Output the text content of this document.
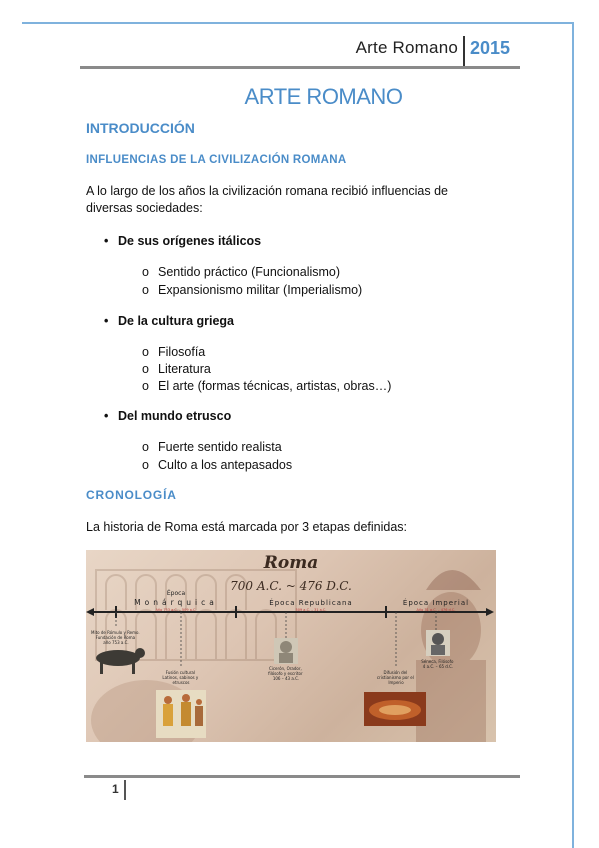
Arte Romano 2015
ARTE ROMANO
INTRODUCCIÓN
INFLUENCIAS DE LA CIVILIZACIÓN ROMANA
A lo largo de los años la civilización romana recibió influencias de diversas sociedades:
• De sus orígenes itálicos
o Sentido práctico (Funcionalismo)
o Expansionismo militar (Imperialismo)
• De la cultura griega
o Filosofía
o Literatura
o El arte (formas técnicas, artistas, obras…)
• Del mundo etrusco
o Fuerte sentido realista
o Culto a los antepasados
CRONOLOGÍA
La historia de Roma está marcada por 3 etapas definidas:
Roma
700 A.C. ~ 476 D.C.
Época
Monárquica
Año 753 a.C. – 509 a.C.
Época Republicana
509 a.C. – 31 a.C.
Época Imperial
Año 31 a.C. – 476 d.C.
Mito de Rómulo y Remo. Fundación de Roma año 753 a.C.
Fusión cultural Latinos, sabinos y etruscos
Cicerón, Orador, filósofo y escritor 106 – 43 a.C.
Difusión del cristianismo por el Imperio
Séneca, Filósofo 4 a.C. – 65 d.C.
1
